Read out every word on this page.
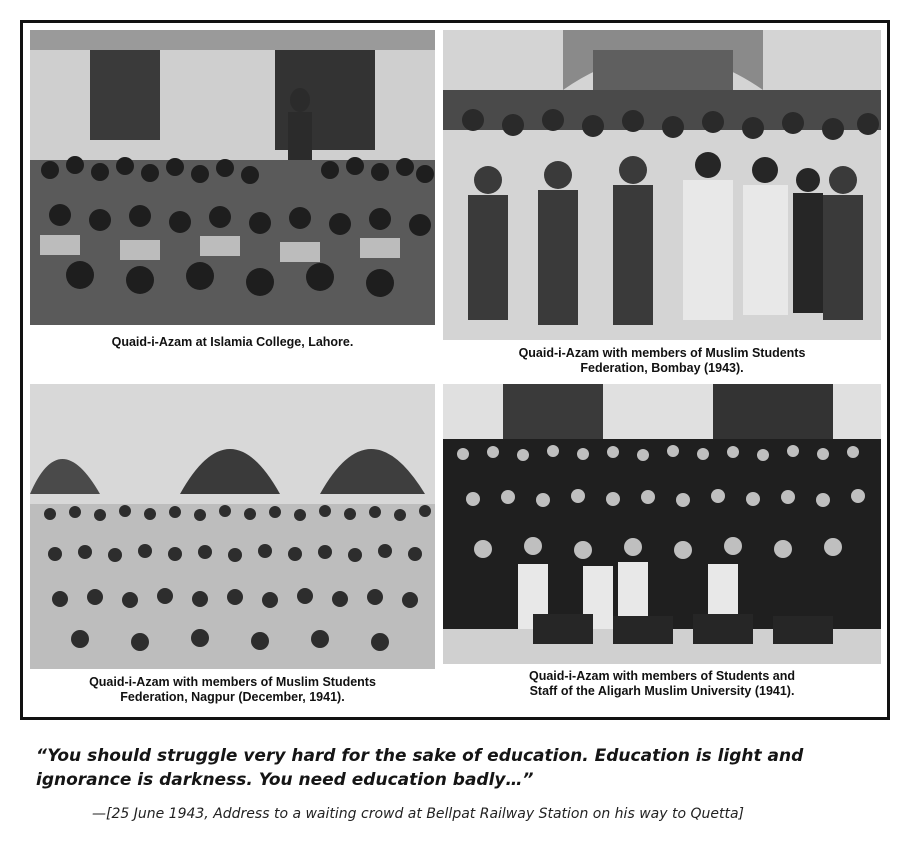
Quaid-i-Azam at Islamia College, Lahore.
Quaid-i-Azam with members of Muslim Students
Federation, Bombay (1943).
Quaid-i-Azam with members of Muslim Students
Federation, Nagpur (December, 1941).
Quaid-i-Azam with members of Students and
Staff of the Aligarh Muslim University (1941).
“You should struggle very hard for the sake of education. Education is light and
ignorance is darkness. You need education badly…”
—[25 June 1943, Address to a waiting crowd at Bellpat Railway Station on his way to Quetta]
